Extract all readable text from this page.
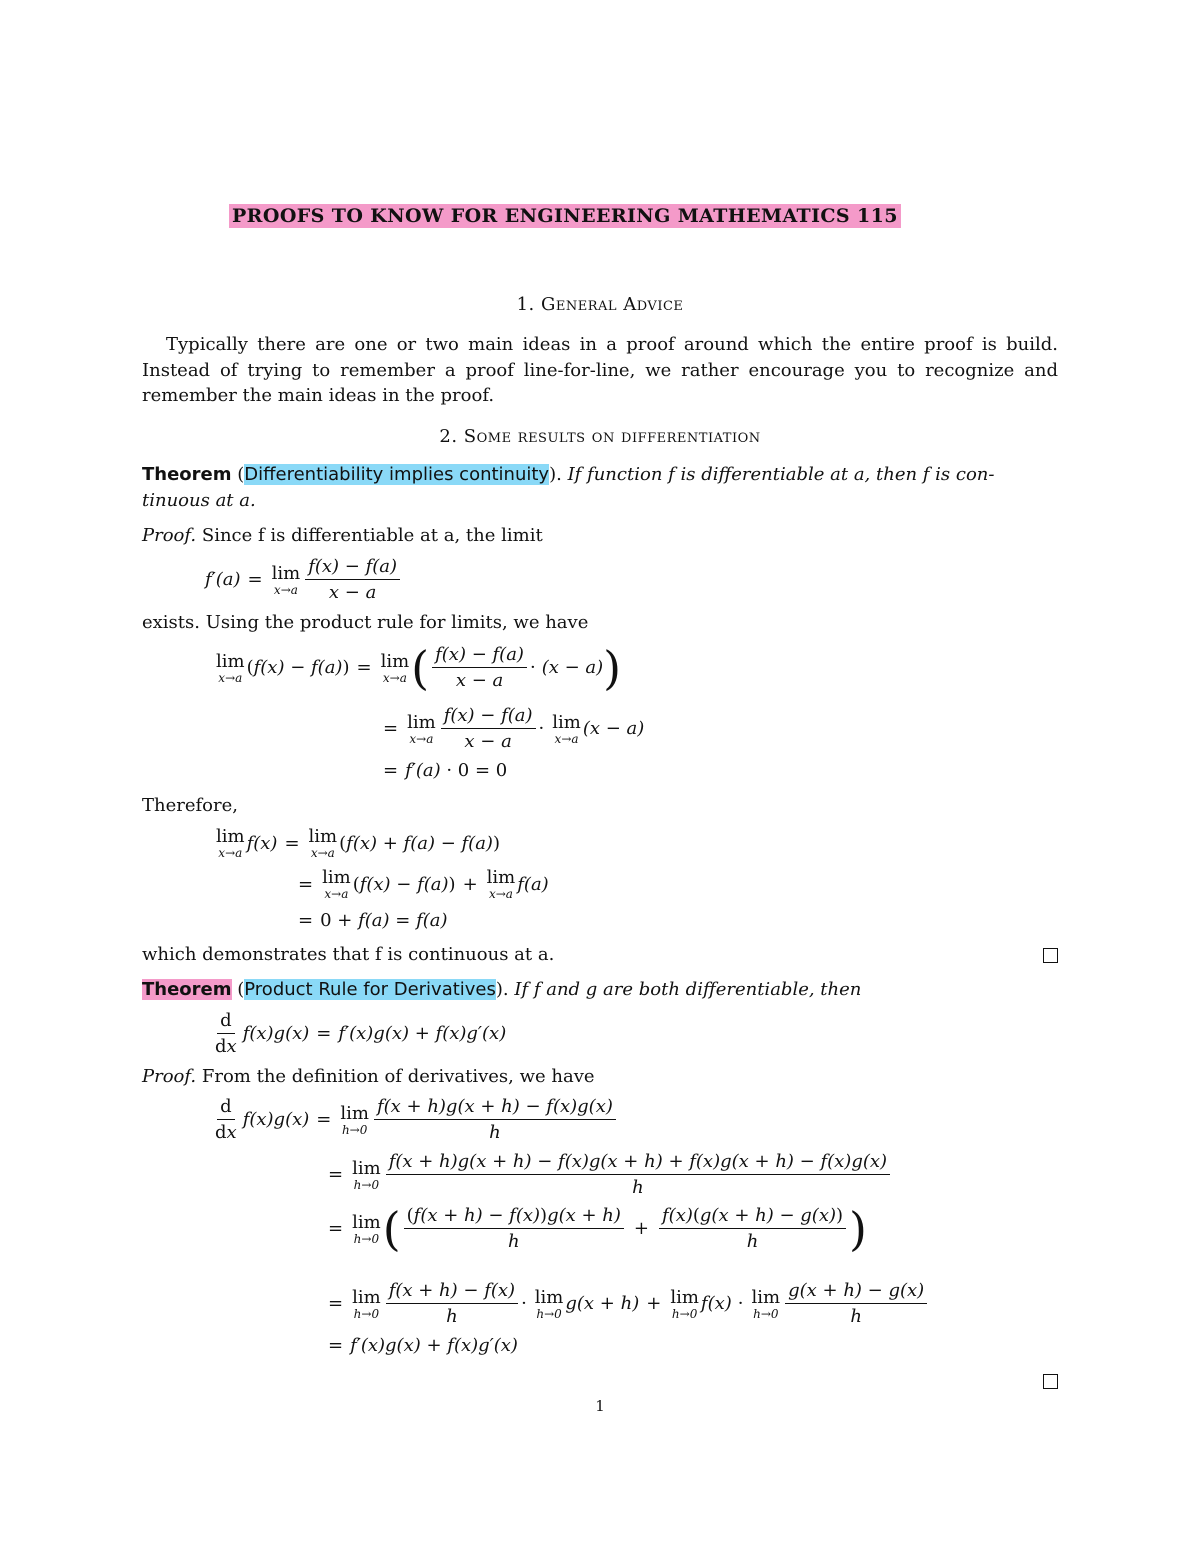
PROOFS TO KNOW FOR ENGINEERING MATHEMATICS 115
1. General Advice
Typically there are one or two main ideas in a proof around which the entire proof is build. Instead of trying to remember a proof line-for-line, we rather encourage you to recognize and remember the main ideas in the proof.
2. Some results on differentiation
Theorem (Differentiability implies continuity). If function f is differentiable at a, then f is con-
tinuous at a.
Proof. Since f is differentiable at a, the limit
f′(a) = lim
$x\to a \frac{f(x) - f(a)}{x - a}$
exists. Using the product rule for limits, we have
lim
x→a ( f(x) − f(a) ) = lim
x→a ( $\frac{f(x) - f(a)}{x - a} \cdot (x - a)$ )
= lim
$x\to a \frac{f(x) - f(a)}{x - a} \cdot \lim$
x→a (x − a)
= f′(a) · 0 = 0
Therefore,
lim
x→a f(x) = lim
x→a ( f(x) + f(a) − f(a) )
= lim
x→a ( f(x) − f(a) ) + lim
x→a f(a)
= 0 + f(a) = f(a)
which demonstrates that f is continuous at a.
Theorem (Product Rule for Derivatives). If f and g are both differentiable, then
$\frac{d}{dx} f(x)g(x) = f'(x)g(x) + f(x)g'(x)$
Proof. From the definition of derivatives, we have
$\frac{d}{dx} f(x)g(x) = \lim$
$h\to 0 \frac{f(x + h)g(x + h) - f(x)g(x)}{h}$
= lim
$h\to 0 \frac{f(x + h)g(x + h) - f(x)g(x + h) + f(x)g(x + h) - f(x)g(x)}{h}$
= lim
h→0 ( $\frac{(f(x + h) - f(x))g(x + h)}{h} + \frac{f(x)(g(x + h) - g(x))}{h}$ )
= lim
$h\to 0 \frac{f(x + h) - f(x)}{h} \cdot \lim$
h→0 g(x + h) + lim
h→0 f(x) · lim
$h\to 0 \frac{g(x + h) - g(x)}{h}$
= f′(x)g(x) + f(x)g′(x)
1
